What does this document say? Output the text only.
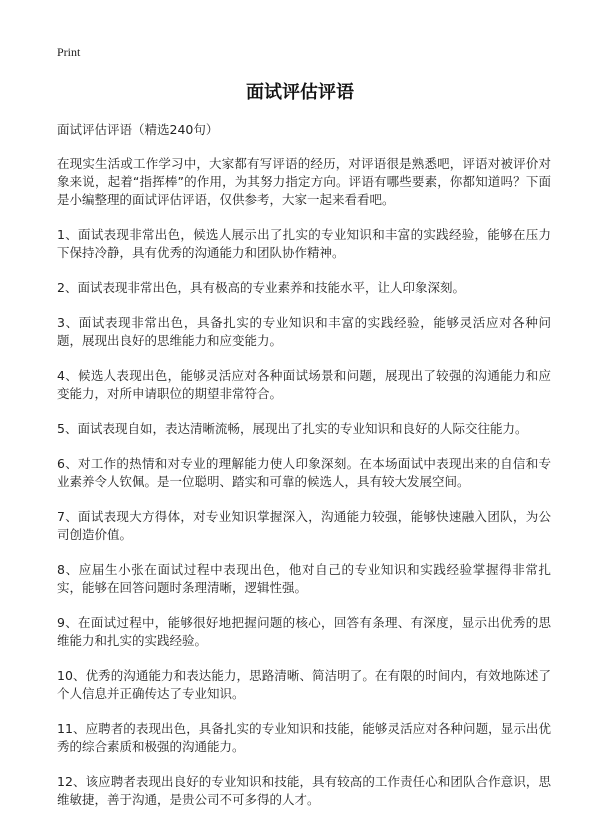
Print
面试评估评语

面试评估评语（精选240句）

在现实生活或工作学习中，大家都有写评语的经历，对评语很是熟悉吧，评语对被评价对象来说，起着“指挥棒”的作用，为其努力指定方向。评语有哪些要素，你都知道吗？下面是小编整理的面试评估评语，仅供参考，大家一起来看看吧。

1、面试表现非常出色，候选人展示出了扎实的专业知识和丰富的实践经验，能够在压力下保持冷静，具有优秀的沟通能力和团队协作精神。

2、面试表现非常出色，具有极高的专业素养和技能水平，让人印象深刻。

3、面试表现非常出色，具备扎实的专业知识和丰富的实践经验，能够灵活应对各种问题，展现出良好的思维能力和应变能力。

4、候选人表现出色，能够灵活应对各种面试场景和问题，展现出了较强的沟通能力和应变能力，对所申请职位的期望非常符合。

5、面试表现自如，表达清晰流畅，展现出了扎实的专业知识和良好的人际交往能力。

6、对工作的热情和对专业的理解能力使人印象深刻。在本场面试中表现出来的自信和专业素养令人钦佩。是一位聪明、踏实和可靠的候选人，具有较大发展空间。

7、面试表现大方得体，对专业知识掌握深入，沟通能力较强，能够快速融入团队，为公司创造价值。

8、应届生小张在面试过程中表现出色，他对自己的专业知识和实践经验掌握得非常扎实，能够在回答问题时条理清晰，逻辑性强。

9、在面试过程中，能够很好地把握问题的核心，回答有条理、有深度，显示出优秀的思维能力和扎实的实践经验。

10、优秀的沟通能力和表达能力，思路清晰、简洁明了。在有限的时间内，有效地陈述了个人信息并正确传达了专业知识。

11、应聘者的表现出色，具备扎实的专业知识和技能，能够灵活应对各种问题，显示出优秀的综合素质和极强的沟通能力。

12、该应聘者表现出良好的专业知识和技能，具有较高的工作责任心和团队合作意识，思维敏捷，善于沟通，是贵公司不可多得的人才。
